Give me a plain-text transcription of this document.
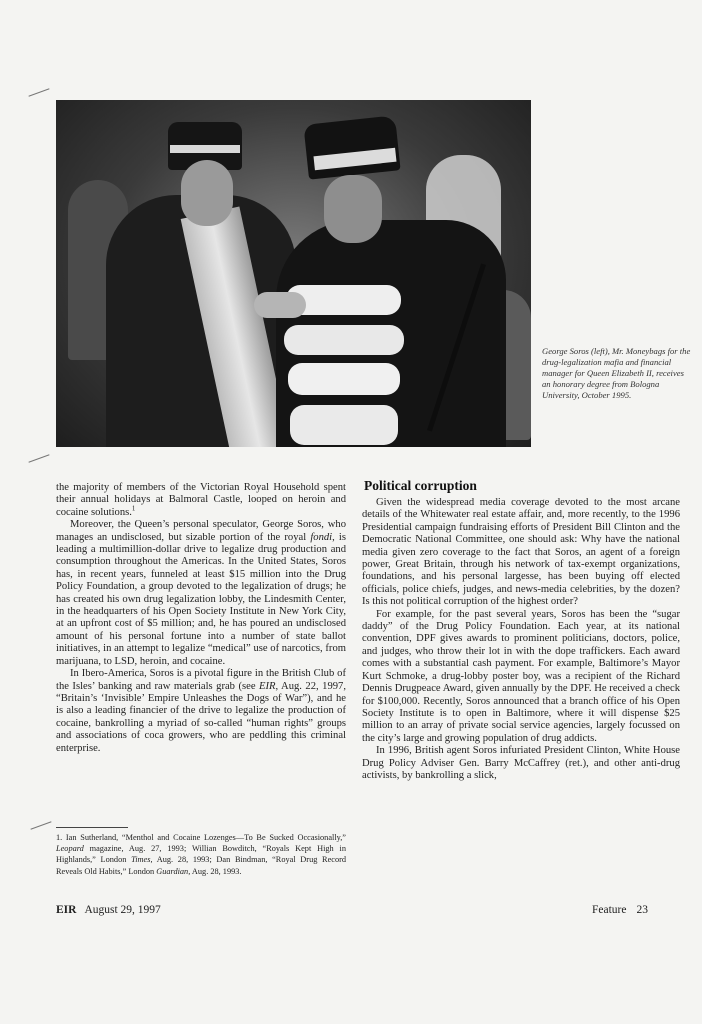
George Soros (left), Mr. Moneybags for the drug-legalization mafia and financial manager for Queen Elizabeth II, receives an honorary degree from Bologna University, October 1995.

the majority of members of the Victorian Royal Household spent their annual holidays at Balmoral Castle, looped on heroin and cocaine solutions.$^1$

Moreover, the Queen’s personal speculator, George Soros, who manages an undisclosed, but sizable portion of the royal fondi, is leading a multimillion-dollar drive to legalize drug production and consumption throughout the Americas. In the United States, Soros has, in recent years, funneled at least $15 million into the Drug Policy Foundation, a group devoted to the legalization of drugs; he has created his own drug legalization lobby, the Lindesmith Center, in the headquarters of his Open Society Institute in New York City, at an upfront cost of $5 million; and, he has poured an undisclosed amount of his personal fortune into a number of state ballot initiatives, in an attempt to legalize “medical” use of narcotics, from marijuana, to LSD, heroin, and cocaine.

In Ibero-America, Soros is a pivotal figure in the British Club of the Isles’ banking and raw materials grab (see EIR, Aug. 22, 1997, “Britain’s ‘Invisible’ Empire Unleashes the Dogs of War”), and he is also a leading financier of the drive to legalize the production of cocaine, bankrolling a myriad of so-called “human rights” groups and associations of coca growers, who are peddling this criminal enterprise.

1. Ian Sutherland, “Menthol and Cocaine Lozenges—To Be Sucked Occasionally,” Leopard magazine, Aug. 27, 1993; Willian Bowditch, “Royals Kept High in Highlands,” London Times, Aug. 28, 1993; Dan Bindman, “Royal Drug Record Reveals Old Habits,” London Guardian, Aug. 28, 1993.

Political corruption

Given the widespread media coverage devoted to the most arcane details of the Whitewater real estate affair, and, more recently, to the 1996 Presidential campaign fundraising efforts of President Bill Clinton and the Democratic National Committee, one should ask: Why have the national media given zero coverage to the fact that Soros, an agent of a foreign power, Great Britain, through his network of tax-exempt organizations, foundations, and his personal largesse, has been buying off elected officials, police chiefs, judges, and news-media celebrities, by the dozen? Is this not political corruption of the highest order?

For example, for the past several years, Soros has been the “sugar daddy” of the Drug Policy Foundation. Each year, at its national convention, DPF gives awards to prominent politicians, doctors, police, and judges, who throw their lot in with the dope traffickers. Each award comes with a substantial cash payment. For example, Baltimore’s Mayor Kurt Schmoke, a drug-lobby poster boy, was a recipient of the Richard Dennis Drugpeace Award, given annually by the DPF. He received a check for $100,000. Recently, Soros announced that a branch office of his Open Society Institute is to open in Baltimore, where it will dispense $25 million to an array of private social service agencies, largely focussed on the city’s large and growing population of drug addicts.

In 1996, British agent Soros infuriated President Clinton, White House Drug Policy Adviser Gen. Barry McCaffrey (ret.), and other anti-drug activists, by bankrolling a slick,

EIR August 29, 1997	Feature 23
